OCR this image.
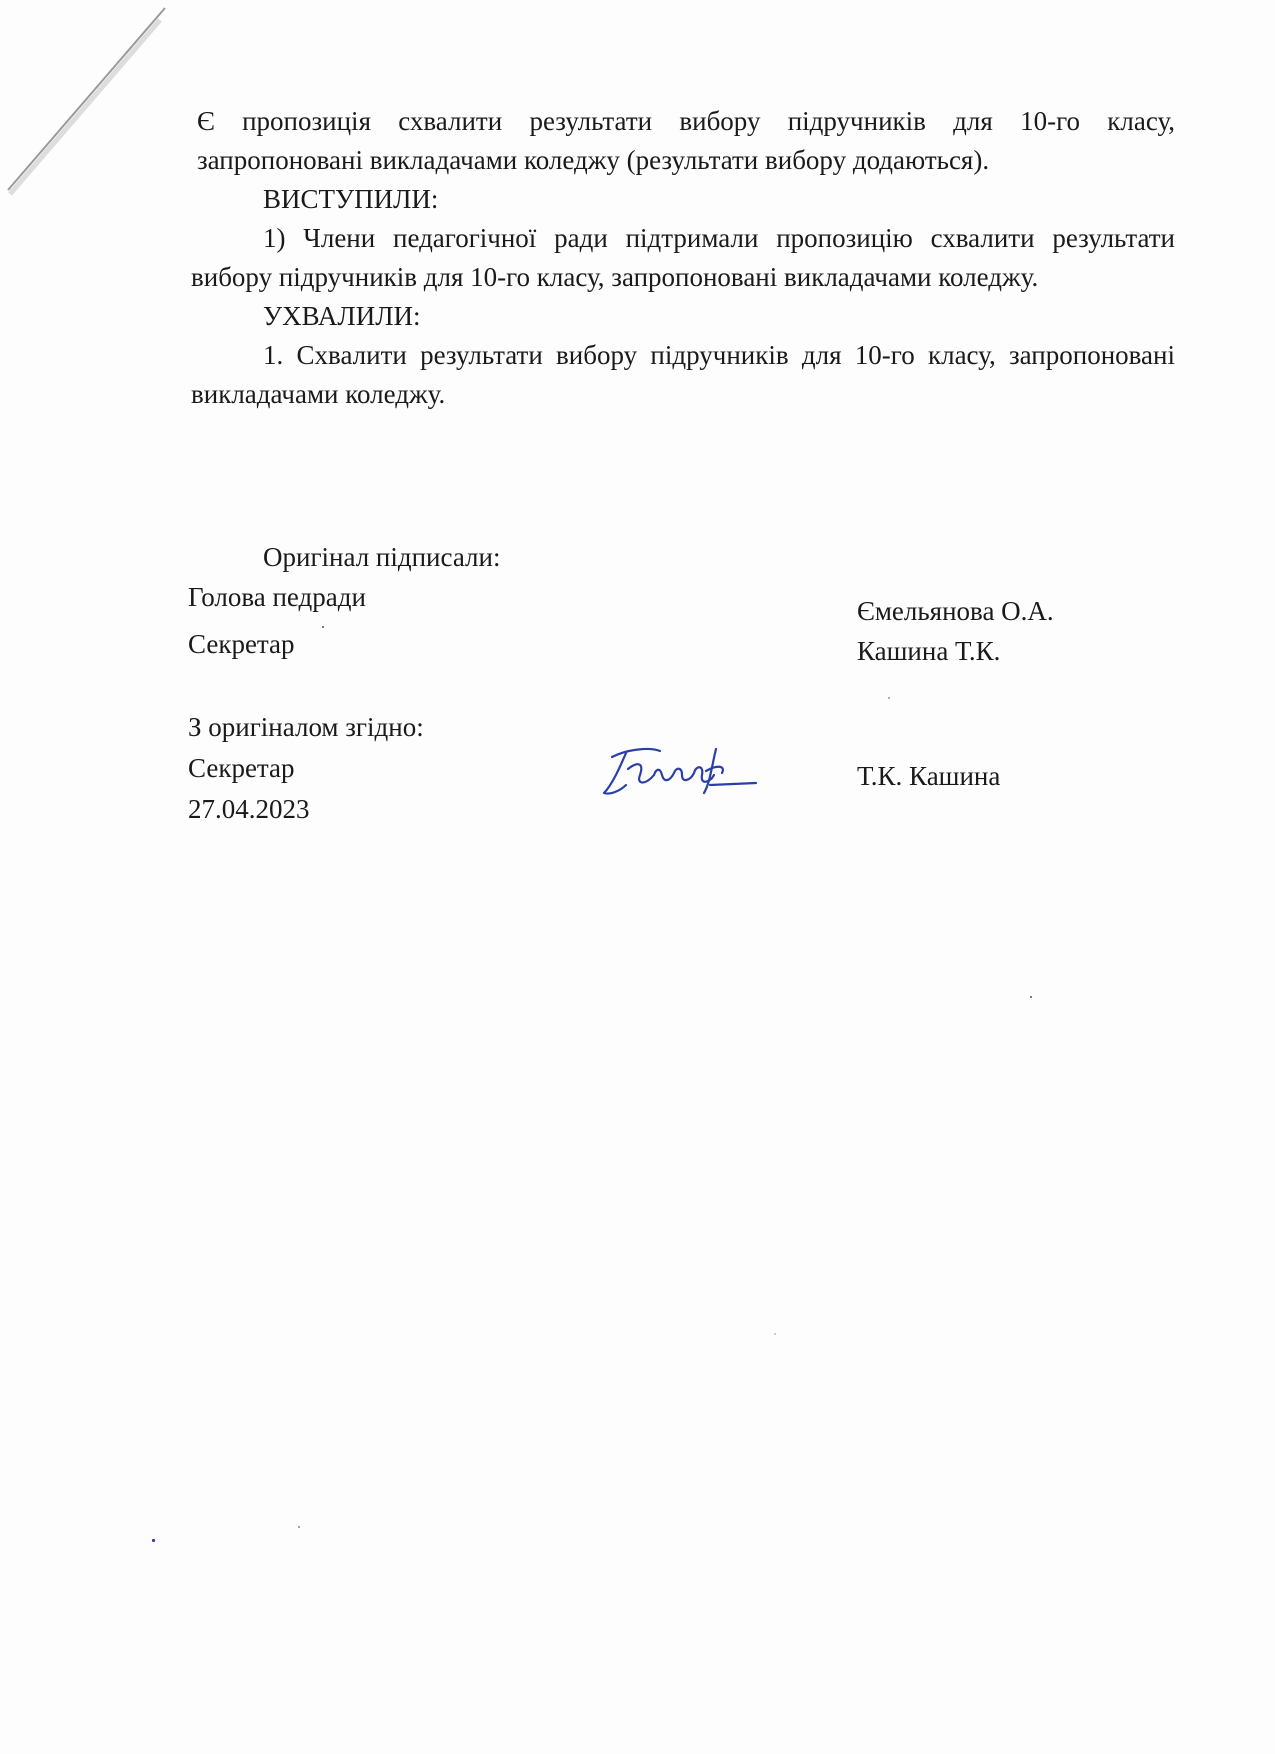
Є пропозиція схвалити результати вибору підручників для 10-го класу, запропоновані викладачами коледжу (результати вибору додаються).

ВИСТУПИЛИ:

1) Члени педагогічної ради підтримали пропозицію схвалити результати вибору підручників для 10-го класу, запропоновані викладачами коледжу.

УХВАЛИЛИ:

1. Схвалити результати вибору підручників для 10-го класу, запропоновані викладачами коледжу.

Оригінал підписали:
Голова педради	Ємельянова О.А.
Секретар	Кашина Т.К.
З оригіналом згідно:
Секретар	Т.К. Кашина
27.04.2023
